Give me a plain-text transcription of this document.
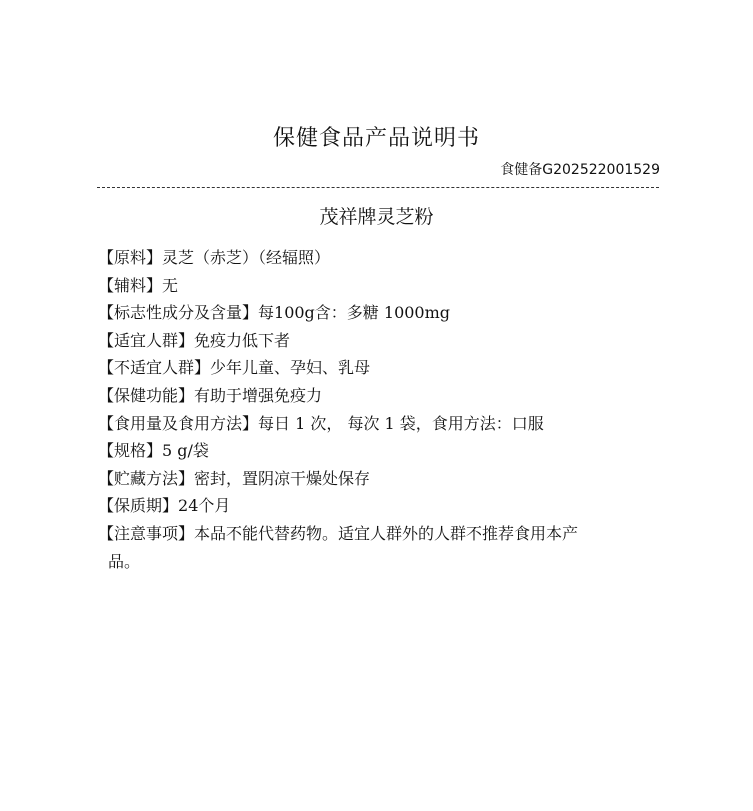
保健食品产品说明书
食健备G202522001529
茂祥牌灵芝粉

【原料】灵芝（赤芝）（经辐照）

【辅料】无

【标志性成分及含量】每100g含：多糖 1000mg

【适宜人群】免疫力低下者

【不适宜人群】少年儿童、孕妇、乳母

【保健功能】有助于增强免疫力

【食用量及食用方法】每日 1 次， 每次 1 袋，食用方法：口服

【规格】5 g/袋

【贮藏方法】密封，置阴凉干燥处保存

【保质期】24个月

【注意事项】本品不能代替药物。适宜人群外的人群不推荐食用本产
品。
